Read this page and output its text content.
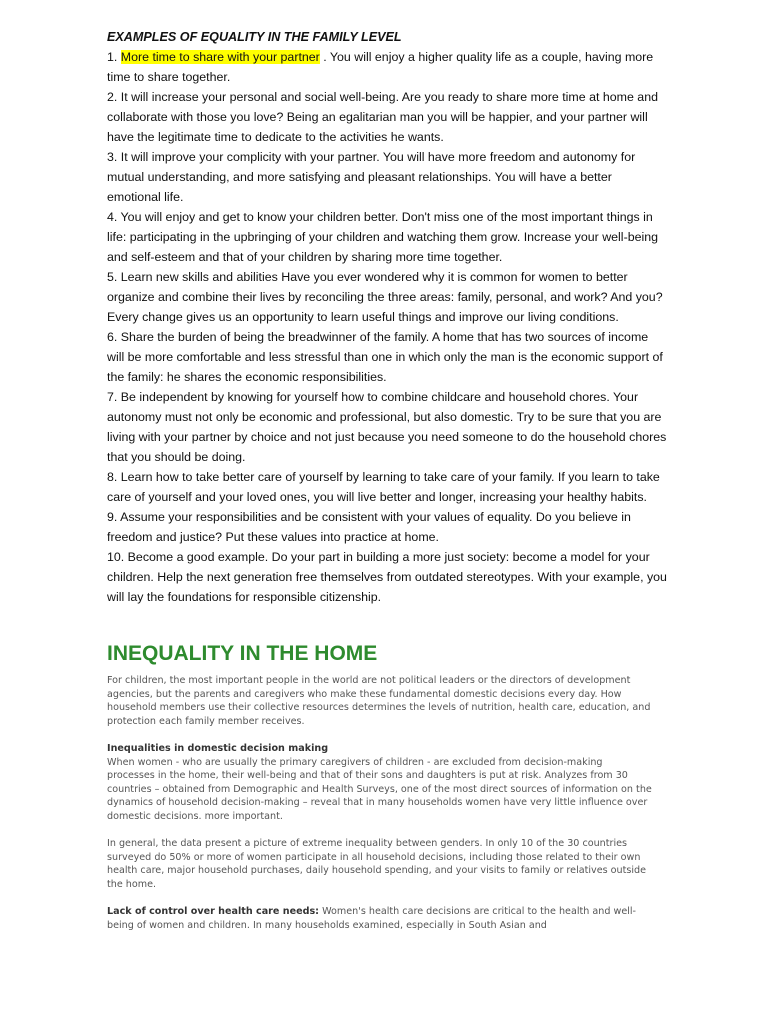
EXAMPLES OF EQUALITY IN THE FAMILY LEVEL

1. More time to share with your partner . You will enjoy a higher quality life as a couple, having more time to share together.

2. It will increase your personal and social well-being. Are you ready to share more time at home and collaborate with those you love? Being an egalitarian man you will be happier, and your partner will have the legitimate time to dedicate to the activities he wants.

3. It will improve your complicity with your partner. You will have more freedom and autonomy for mutual understanding, and more satisfying and pleasant relationships. You will have a better emotional life.

4. You will enjoy and get to know your children better. Don't miss one of the most important things in life: participating in the upbringing of your children and watching them grow. Increase your well-being and self-esteem and that of your children by sharing more time together.

5. Learn new skills and abilities Have you ever wondered why it is common for women to better organize and combine their lives by reconciling the three areas: family, personal, and work? And you? Every change gives us an opportunity to learn useful things and improve our living conditions.

6. Share the burden of being the breadwinner of the family. A home that has two sources of income will be more comfortable and less stressful than one in which only the man is the economic support of the family: he shares the economic responsibilities.

7. Be independent by knowing for yourself how to combine childcare and household chores. Your autonomy must not only be economic and professional, but also domestic. Try to be sure that you are living with your partner by choice and not just because you need someone to do the household chores that you should be doing.

8. Learn how to take better care of yourself by learning to take care of your family. If you learn to take care of yourself and your loved ones, you will live better and longer, increasing your healthy habits.

9. Assume your responsibilities and be consistent with your values of equality. Do you believe in freedom and justice? Put these values into practice at home.

10. Become a good example. Do your part in building a more just society: become a model for your children. Help the next generation free themselves from outdated stereotypes. With your example, you will lay the foundations for responsible citizenship.

INEQUALITY IN THE HOME

For children, the most important people in the world are not political leaders or the directors of development agencies, but the parents and caregivers who make these fundamental domestic decisions every day. How household members use their collective resources determines the levels of nutrition, health care, education, and protection each family member receives.

Inequalities in domestic decision making
When women - who are usually the primary caregivers of children - are excluded from decision-making processes in the home, their well-being and that of their sons and daughters is put at risk. Analyzes from 30 countries – obtained from Demographic and Health Surveys, one of the most direct sources of information on the dynamics of household decision-making – reveal that in many households women have very little influence over domestic decisions. more important.

In general, the data present a picture of extreme inequality between genders. In only 10 of the 30 countries surveyed do 50% or more of women participate in all household decisions, including those related to their own health care, major household purchases, daily household spending, and your visits to family or relatives outside the home.

Lack of control over health care needs: Women's health care decisions are critical to the health and well-being of women and children. In many households examined, especially in South Asian and
